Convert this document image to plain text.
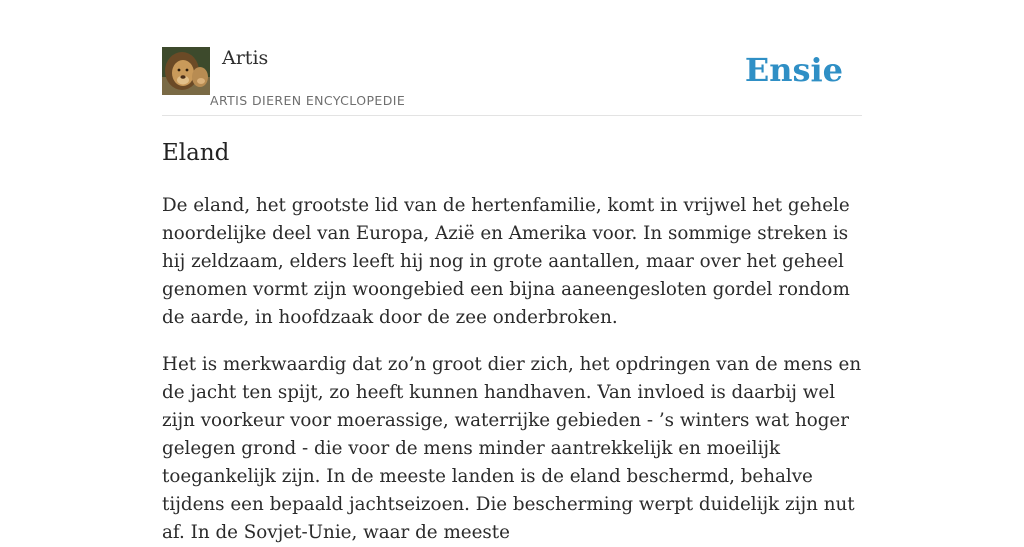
Artis
ARTIS DIEREN ENCYCLOPEDIE
Ensie
Eland

De eland, het grootste lid van de hertenfamilie, komt in vrijwel het gehele noordelijke deel van Europa, Azië en Amerika voor. In sommige streken is hij zeldzaam, elders leeft hij nog in grote aantallen, maar over het geheel genomen vormt zijn woongebied een bijna aaneengesloten gordel rondom de aarde, in hoofdzaak door de zee onderbroken.

Het is merkwaardig dat zo’n groot dier zich, het opdringen van de mens en de jacht ten spijt, zo heeft kunnen handhaven. Van invloed is daarbij wel zijn voorkeur voor moerassige, waterrijke gebieden - ’s winters wat hoger gelegen grond - die voor de mens minder aantrekkelijk en moeilijk toegankelijk zijn. In de meeste landen is de eland beschermd, behalve tijdens een bepaald jachtseizoen. Die bescherming werpt duidelijk zijn nut af. In de Sovjet-Unie, waar de meeste
